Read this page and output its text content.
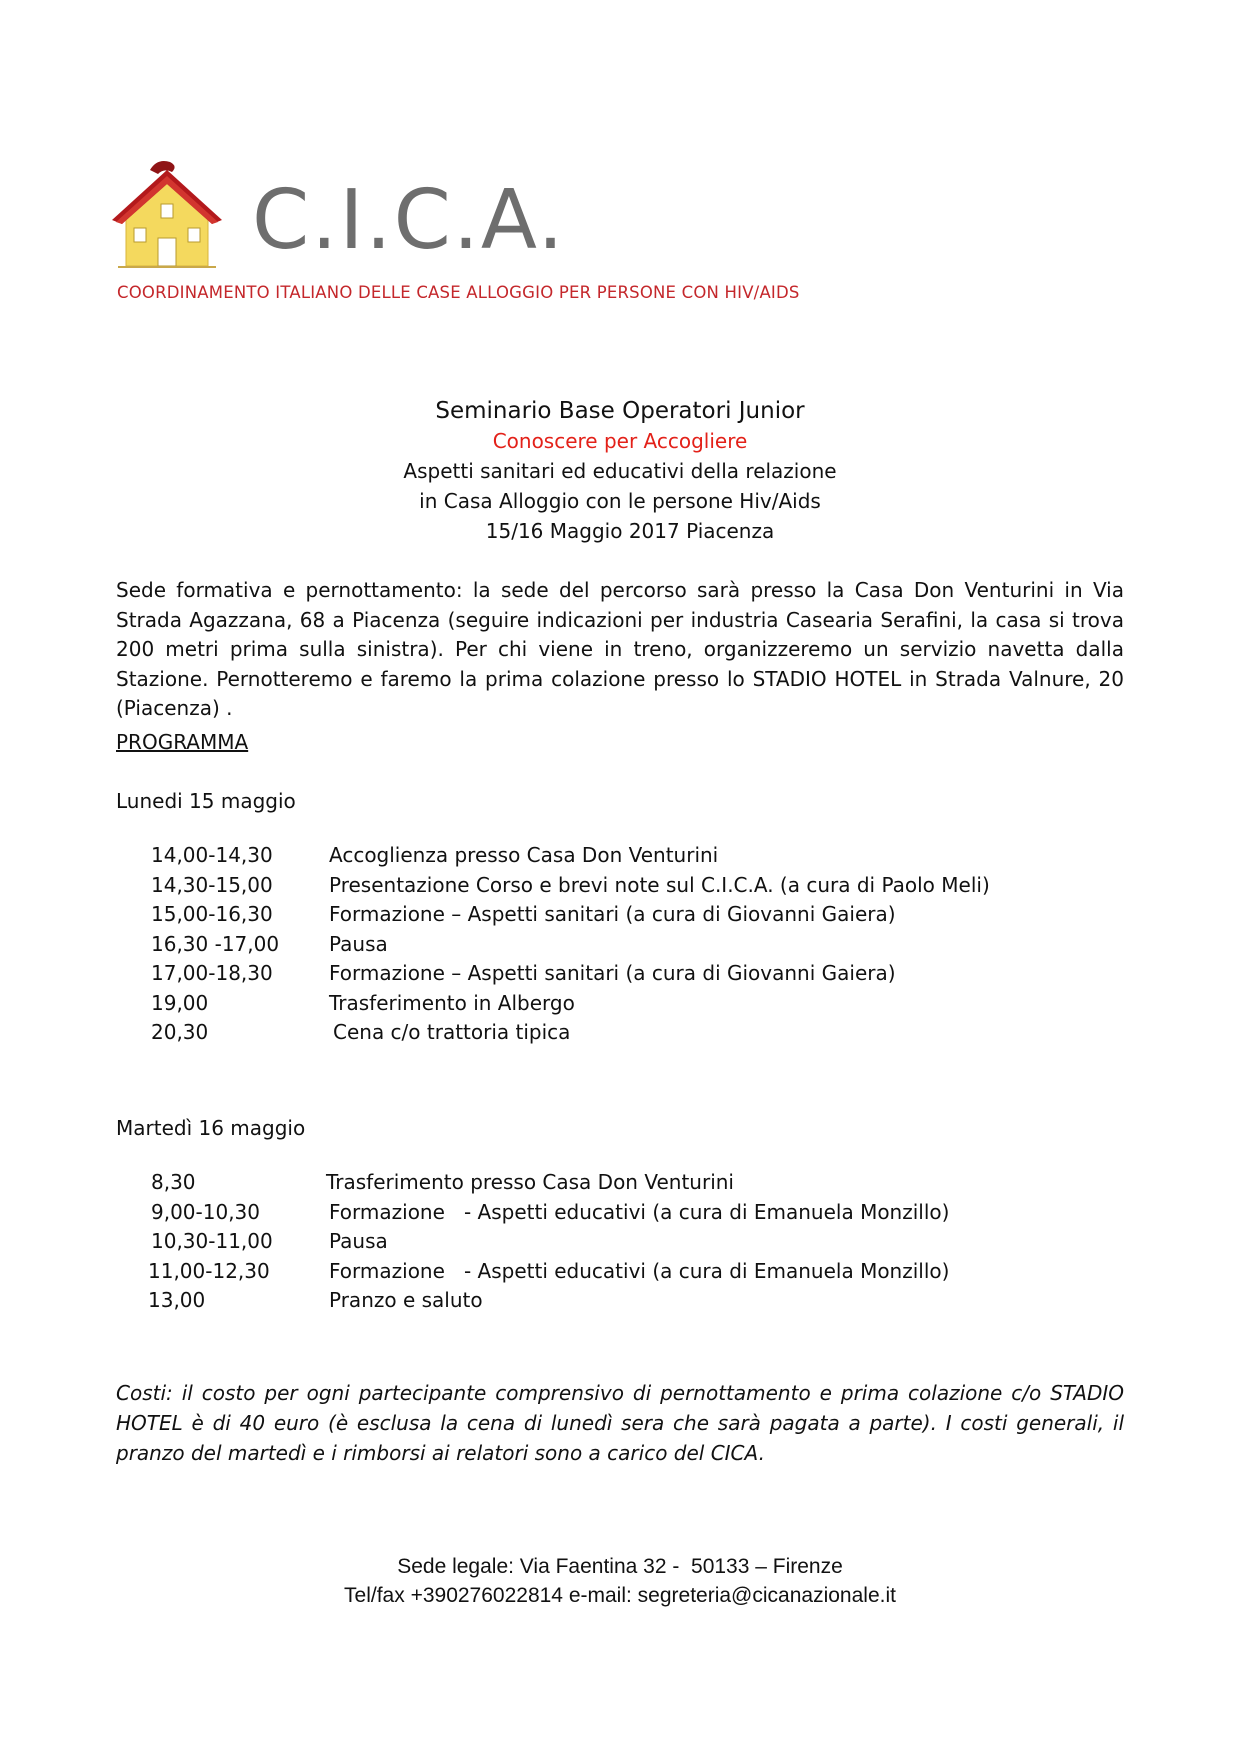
C.I.C.A.
COORDINAMENTO ITALIANO DELLE CASE ALLOGGIO PER PERSONE CON HIV/AIDS
Seminario Base Operatori Junior
Conoscere per Accogliere
Aspetti sanitari ed educativi della relazione
in Casa Alloggio con le persone Hiv/Aids
15/16 Maggio 2017 Piacenza
Sede formativa e pernottamento: la sede del percorso sarà presso la Casa Don Venturini in Via Strada Agazzana, 68 a Piacenza (seguire indicazioni per industria Casearia Serafini, la casa si trova 200 metri prima sulla sinistra). Per chi viene in treno, organizzeremo un servizio navetta dalla Stazione. Pernotteremo e faremo la prima colazione presso lo STADIO HOTEL in Strada Valnure, 20 (Piacenza) .
PROGRAMMA
Lunedi 15 maggio
14,00-14,30	Accoglienza presso Casa Don Venturini
14,30-15,00	Presentazione Corso e brevi note sul C.I.C.A. (a cura di Paolo Meli)
15,00-16,30	Formazione – Aspetti sanitari (a cura di Giovanni Gaiera)
16,30 -17,00 Pausa
17,00-18,30	Formazione – Aspetti sanitari (a cura di Giovanni Gaiera)
19,00	Trasferimento in Albergo
20,30	Cena c/o trattoria tipica
Martedì 16 maggio
8,30	Trasferimento presso Casa Don Venturini
9,00-10,30	Formazione   - Aspetti educativi (a cura di Emanuela Monzillo)
10,30-11,00	Pausa
11,00-12,30	Formazione   - Aspetti educativi (a cura di Emanuela Monzillo)
13,00	Pranzo e saluto
Costi: il costo per ogni partecipante comprensivo di pernottamento e prima colazione c/o STADIO HOTEL è di 40 euro (è esclusa la cena di lunedì sera che sarà pagata a parte). I costi generali, il pranzo del martedì e i rimborsi ai relatori sono a carico del CICA.
Sede legale: Via Faentina 32 -  50133 – Firenze
Tel/fax +390276022814 e-mail: segreteria@cicanazionale.it
